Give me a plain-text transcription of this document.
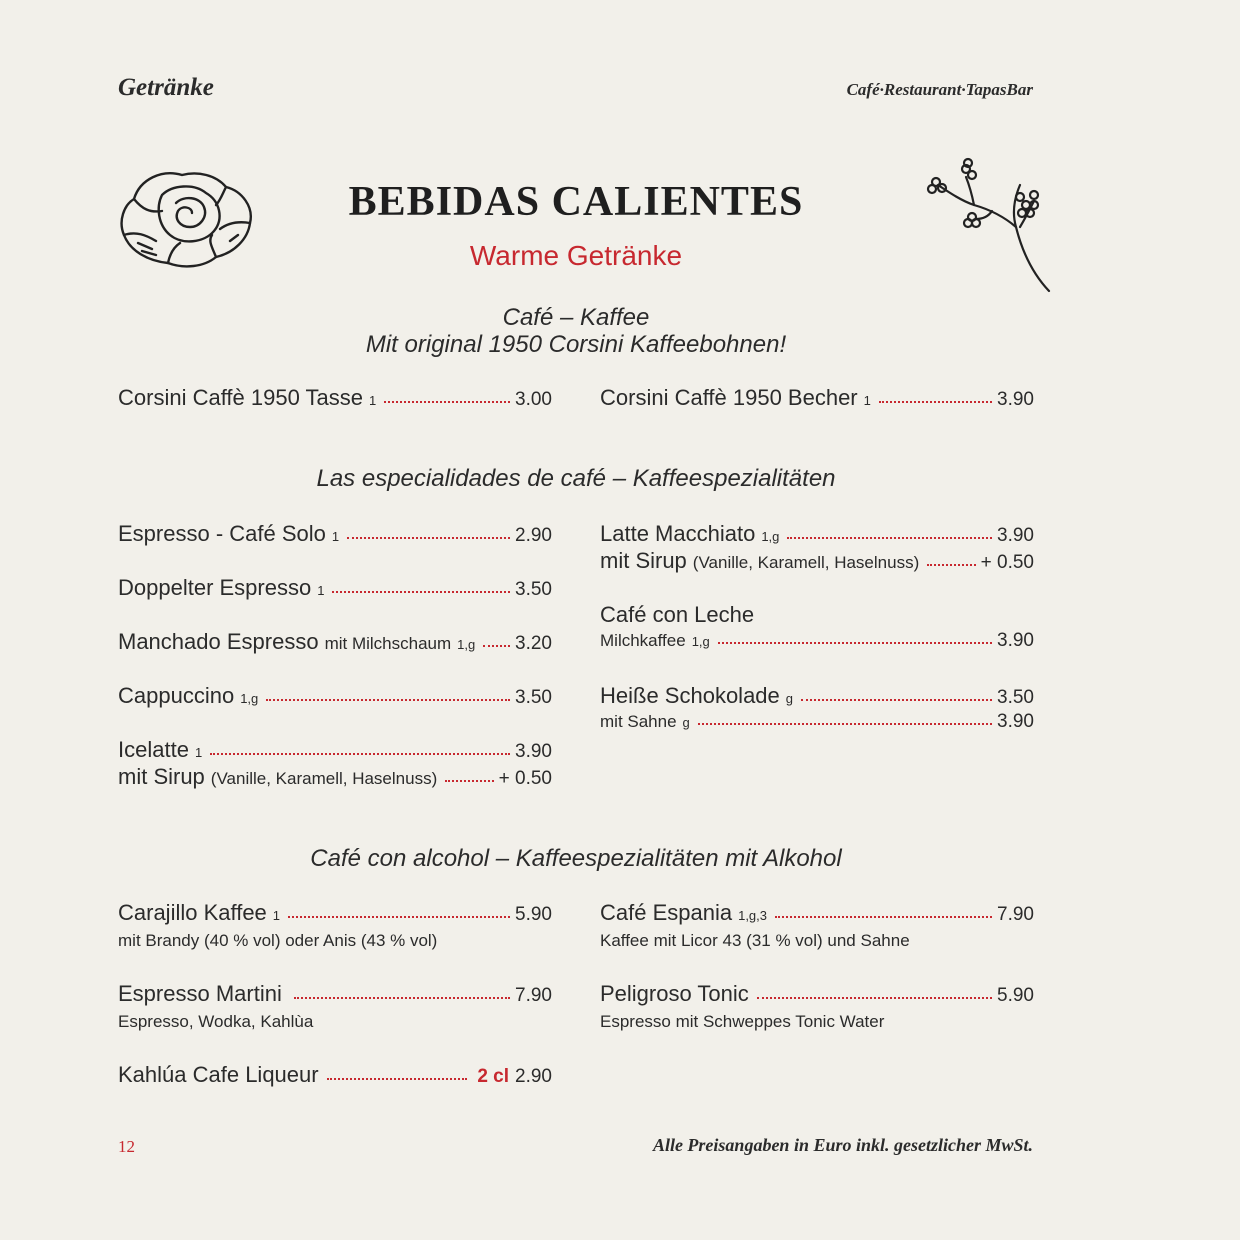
Getränke	Café·Restaurant·TapasBar
BEBIDAS CALIENTES
Warme Getränke
Café – Kaffee
Mit original 1950 Corsini Kaffeebohnen!
Corsini Caffè 1950 Tasse 1	3.00 Corsini Caffè 1950 Becher 1	3.90
Las especialidades de café – Kaffeespezialitäten
Espresso - Café Solo 1	2.90
Doppelter Espresso 1	3.50
Manchado Espresso mit Milchschaum 1,g 3.20
Cappuccino 1,g	3.50
Icelatte 1	3.90
mit Sirup (Vanille, Karamell, Haselnuss)	+ 0.50
Latte Macchiato 1,g	3.90
mit Sirup (Vanille, Karamell, Haselnuss)	+ 0.50
Café con Leche
Milchkaffee 1,g	3.90
Heiße Schokolade g	3.50
mit Sahne g	3.90
Café con alcohol – Kaffeespezialitäten mit Alkohol
Carajillo Kaffee 1	5.90
mit Brandy (40 % vol) oder Anis (43 % vol)
Espresso Martini	7.90
Espresso, Wodka, Kahlùa
Kahlúa Cafe Liqueur	2 cl 2.90
Café Espania 1,g,3	7.90
Kaffee mit Licor 43 (31 % vol) und Sahne
Peligroso Tonic	5.90
Espresso mit Schweppes Tonic Water
12	Alle Preisangaben in Euro inkl. gesetzlicher MwSt.
